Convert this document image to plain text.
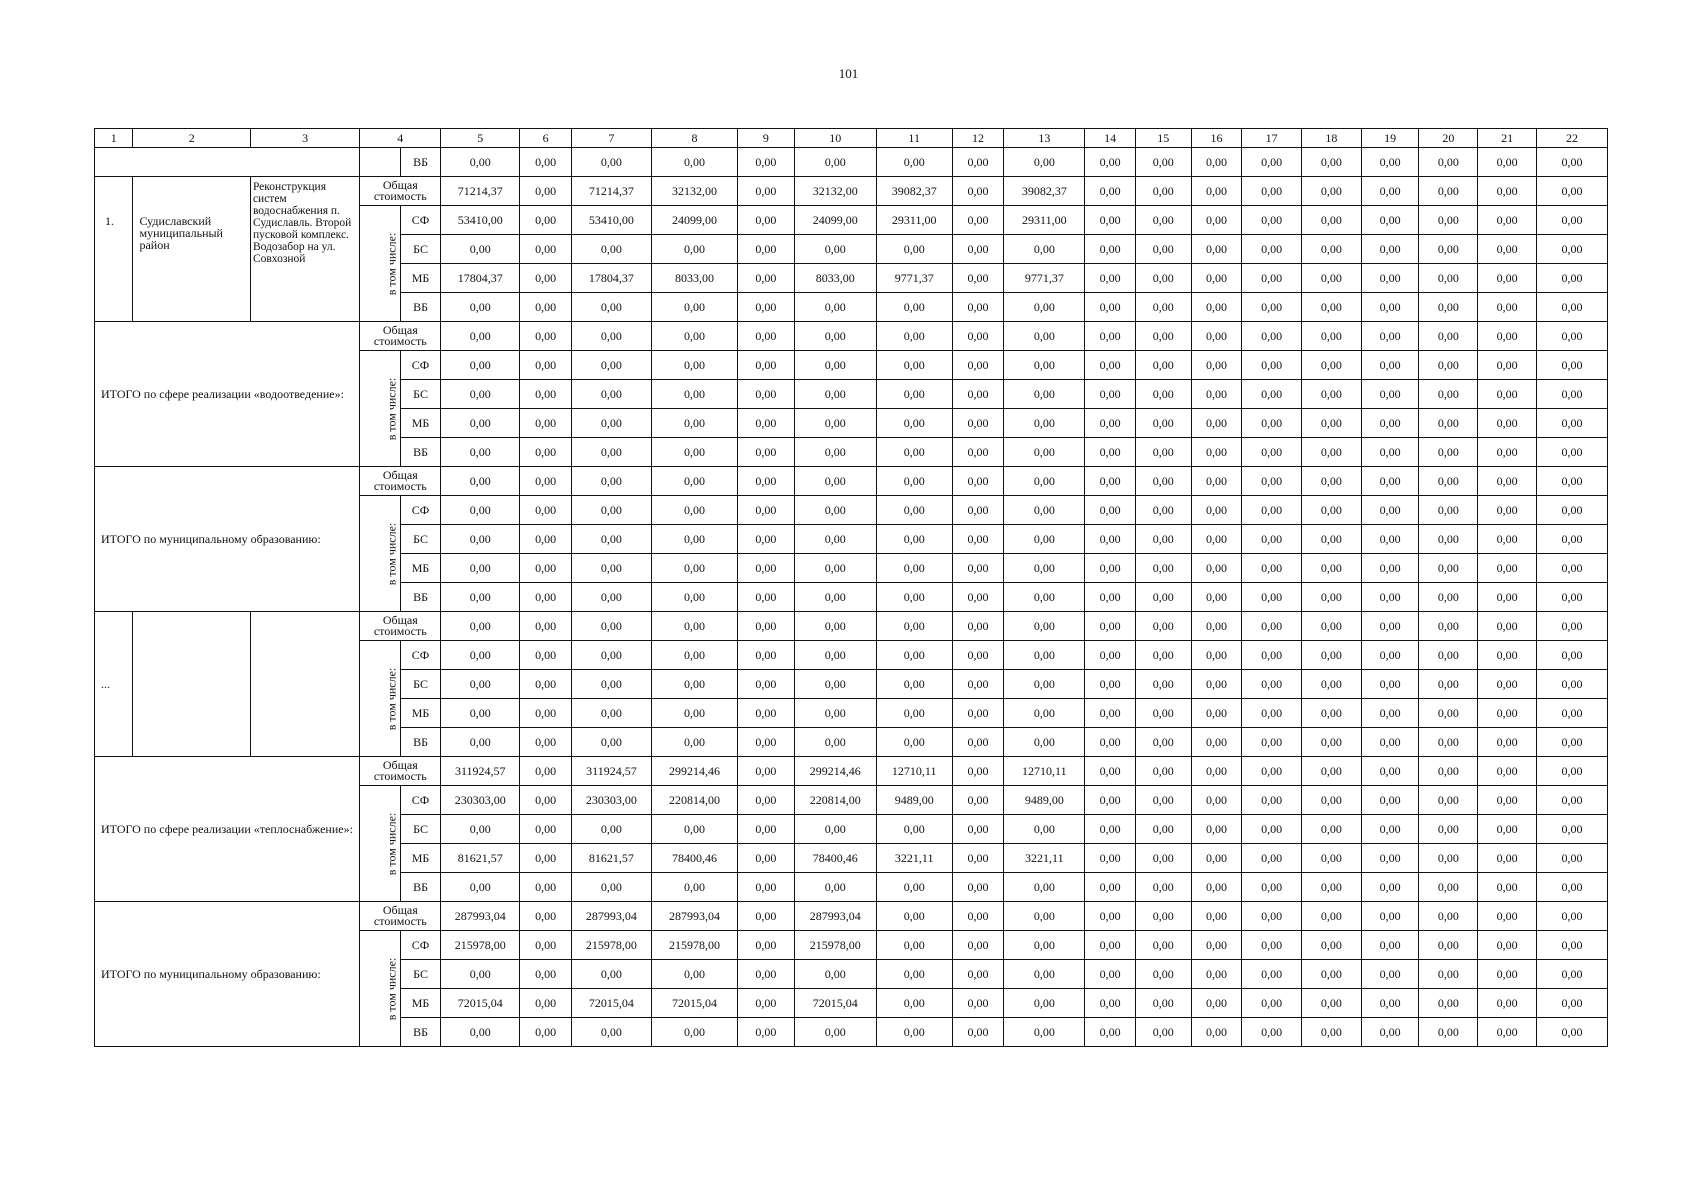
101
1	2	3	4		5	6	7	8	9	10	11	12	13	14	15	16	17	18	19	20	21	22
				ВБ	0,00	0,00	0,00	0,00	0,00	0,00	0,00	0,00	0,00	0,00	0,00	0,00	0,00	0,00	0,00	0,00	0,00	0,00
1.	Судиславский муниципальный район	Реконструкция систем водоснабжения п. Судиславль. Второй пусковой комплекс. Водозабор на ул. Совхозной	Общая стоимость		71214,37	0,00	71214,37	32132,00	0,00	32132,00	39082,37	0,00	39082,37	0,00	0,00	0,00	0,00	0,00	0,00	0,00	0,00	0,00
			в том числе:	СФ	53410,00	0,00	53410,00	24099,00	0,00	24099,00	29311,00	0,00	29311,00	0,00	0,00	0,00	0,00	0,00	0,00	0,00	0,00	0,00
				БС	0,00	0,00	0,00	0,00	0,00	0,00	0,00	0,00	0,00	0,00	0,00	0,00	0,00	0,00	0,00	0,00	0,00	0,00
				МБ	17804,37	0,00	17804,37	8033,00	0,00	8033,00	9771,37	0,00	9771,37	0,00	0,00	0,00	0,00	0,00	0,00	0,00	0,00	0,00
				ВБ	0,00	0,00	0,00	0,00	0,00	0,00	0,00	0,00	0,00	0,00	0,00	0,00	0,00	0,00	0,00	0,00	0,00	0,00
ИТОГО по сфере реализации «водоотведение»:			Общая стоимость		0,00	0,00	0,00	0,00	0,00	0,00	0,00	0,00	0,00	0,00	0,00	0,00	0,00	0,00	0,00	0,00	0,00	0,00
			в том числе:	СФ	0,00	0,00	0,00	0,00	0,00	0,00	0,00	0,00	0,00	0,00	0,00	0,00	0,00	0,00	0,00	0,00	0,00	0,00
				БС	0,00	0,00	0,00	0,00	0,00	0,00	0,00	0,00	0,00	0,00	0,00	0,00	0,00	0,00	0,00	0,00	0,00	0,00
				МБ	0,00	0,00	0,00	0,00	0,00	0,00	0,00	0,00	0,00	0,00	0,00	0,00	0,00	0,00	0,00	0,00	0,00	0,00
				ВБ	0,00	0,00	0,00	0,00	0,00	0,00	0,00	0,00	0,00	0,00	0,00	0,00	0,00	0,00	0,00	0,00	0,00	0,00
ИТОГО по муниципальному образованию:			Общая стоимость		0,00	0,00	0,00	0,00	0,00	0,00	0,00	0,00	0,00	0,00	0,00	0,00	0,00	0,00	0,00	0,00	0,00	0,00
			в том числе:	СФ	0,00	0,00	0,00	0,00	0,00	0,00	0,00	0,00	0,00	0,00	0,00	0,00	0,00	0,00	0,00	0,00	0,00	0,00
				БС	0,00	0,00	0,00	0,00	0,00	0,00	0,00	0,00	0,00	0,00	0,00	0,00	0,00	0,00	0,00	0,00	0,00	0,00
				МБ	0,00	0,00	0,00	0,00	0,00	0,00	0,00	0,00	0,00	0,00	0,00	0,00	0,00	0,00	0,00	0,00	0,00	0,00
				ВБ	0,00	0,00	0,00	0,00	0,00	0,00	0,00	0,00	0,00	0,00	0,00	0,00	0,00	0,00	0,00	0,00	0,00	0,00
...			Общая стоимость		0,00	0,00	0,00	0,00	0,00	0,00	0,00	0,00	0,00	0,00	0,00	0,00	0,00	0,00	0,00	0,00	0,00	0,00
			в том числе:	СФ	0,00	0,00	0,00	0,00	0,00	0,00	0,00	0,00	0,00	0,00	0,00	0,00	0,00	0,00	0,00	0,00	0,00	0,00
				БС	0,00	0,00	0,00	0,00	0,00	0,00	0,00	0,00	0,00	0,00	0,00	0,00	0,00	0,00	0,00	0,00	0,00	0,00
				МБ	0,00	0,00	0,00	0,00	0,00	0,00	0,00	0,00	0,00	0,00	0,00	0,00	0,00	0,00	0,00	0,00	0,00	0,00
				ВБ	0,00	0,00	0,00	0,00	0,00	0,00	0,00	0,00	0,00	0,00	0,00	0,00	0,00	0,00	0,00	0,00	0,00	0,00
ИТОГО по сфере реализации «теплоснабжение»:			Общая стоимость		311924,57	0,00	311924,57	299214,46	0,00	299214,46	12710,11	0,00	12710,11	0,00	0,00	0,00	0,00	0,00	0,00	0,00	0,00	0,00
			в том числе:	СФ	230303,00	0,00	230303,00	220814,00	0,00	220814,00	9489,00	0,00	9489,00	0,00	0,00	0,00	0,00	0,00	0,00	0,00	0,00	0,00
				БС	0,00	0,00	0,00	0,00	0,00	0,00	0,00	0,00	0,00	0,00	0,00	0,00	0,00	0,00	0,00	0,00	0,00	0,00
				МБ	81621,57	0,00	81621,57	78400,46	0,00	78400,46	3221,11	0,00	3221,11	0,00	0,00	0,00	0,00	0,00	0,00	0,00	0,00	0,00
				ВБ	0,00	0,00	0,00	0,00	0,00	0,00	0,00	0,00	0,00	0,00	0,00	0,00	0,00	0,00	0,00	0,00	0,00	0,00
ИТОГО по муниципальному образованию:			Общая стоимость		287993,04	0,00	287993,04	287993,04	0,00	287993,04	0,00	0,00	0,00	0,00	0,00	0,00	0,00	0,00	0,00	0,00	0,00	0,00
			в том числе:	СФ	215978,00	0,00	215978,00	215978,00	0,00	215978,00	0,00	0,00	0,00	0,00	0,00	0,00	0,00	0,00	0,00	0,00	0,00	0,00
				БС	0,00	0,00	0,00	0,00	0,00	0,00	0,00	0,00	0,00	0,00	0,00	0,00	0,00	0,00	0,00	0,00	0,00	0,00
				МБ	72015,04	0,00	72015,04	72015,04	0,00	72015,04	0,00	0,00	0,00	0,00	0,00	0,00	0,00	0,00	0,00	0,00	0,00	0,00
				ВБ	0,00	0,00	0,00	0,00	0,00	0,00	0,00	0,00	0,00	0,00	0,00	0,00	0,00	0,00	0,00	0,00	0,00	0,00
